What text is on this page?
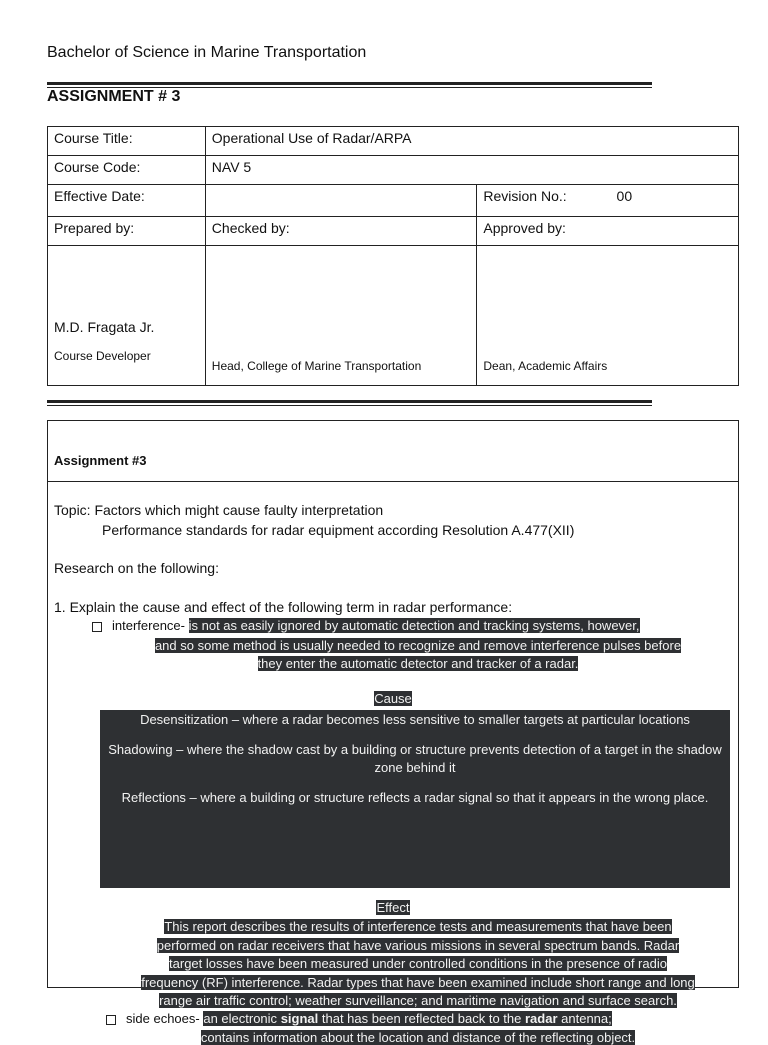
Bachelor of Science in Marine Transportation
ASSIGNMENT # 3
Course Title:	Operational Use of Radar/ARPA	
Course Code:	NAV 5	
Effective Date:		Revision No.: 00
Prepared by:	Checked by:	Approved by:

M.D. Fragata Jr.
Course Developer	Head, College of Marine Transportation	Dean, Academic Affairs
Assignment #3
Topic: Factors which might cause faulty interpretation
Performance standards for radar equipment according Resolution A.477(XII)
Research on the following:
1. Explain the cause and effect of the following term in radar performance:
interference- is not as easily ignored by automatic detection and tracking systems, however,
and so some method is usually needed to recognize and remove interference pulses before
they enter the automatic detector and tracker of a radar.
Cause
Desensitization – where a radar becomes less sensitive to smaller targets at particular locations
Shadowing – where the shadow cast by a building or structure prevents detection of a target in the shadow zone behind it
Reflections – where a building or structure reflects a radar signal so that it appears in the wrong place.
Effect
This report describes the results of interference tests and measurements that have been
performed on radar receivers that have various missions in several spectrum bands. Radar
target losses have been measured under controlled conditions in the presence of radio
frequency (RF) interference. Radar types that have been examined include short range and long
range air traffic control; weather surveillance; and maritime navigation and surface search.
side echoes- an electronic signal that has been reflected back to the radar antenna;
contains information about the location and distance of the reflecting object.
